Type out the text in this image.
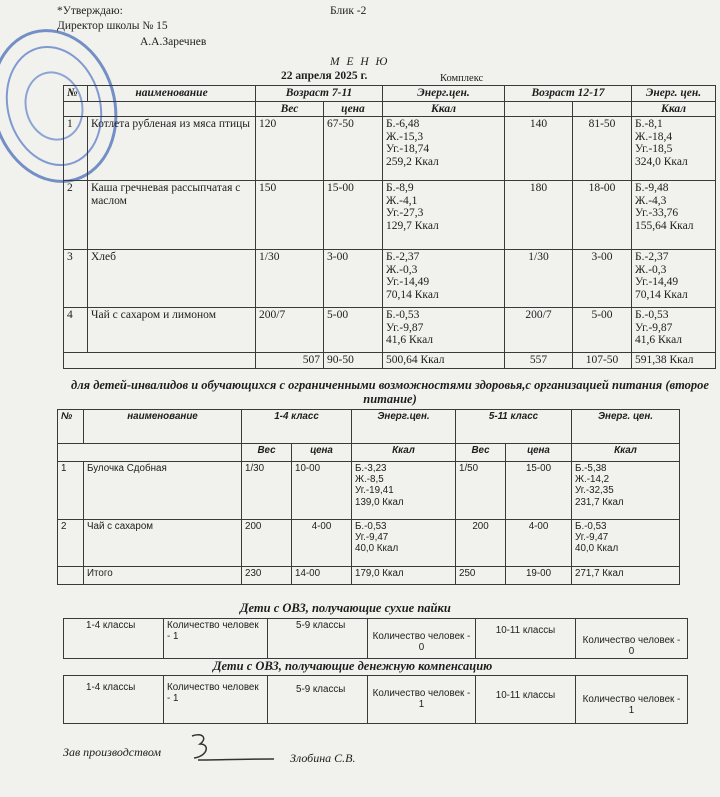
*Утверждаю:	Блик -2
Директор школы № 15
А.А.Заречнев
М Е Н Ю
22 апреля 2025 г.	Комплекс
№	наименование	Возраст 7-11		Энерг.цен.	Возраст 12-17		Энерг. цен.
		Вес	цена	Ккал			Ккал
1	Котлета рубленая из мяса птицы	120	67-50	Б.-6,48
Ж.-15,3
Уг.-18,74
259,2 Ккал	140	81-50	Б.-8,1
Ж.-18,4
Уг.-18,5
324,0 Ккал
2	Каша гречневая рассыпчатая с маслом	150	15-00	Б.-8,9
Ж.-4,1
Уг.-27,3
129,7 Ккал	180	18-00	Б.-9,48
Ж.-4,3
Уг.-33,76
155,64 Ккал
3	Хлеб	1/30	3-00	Б.-2,37
Ж.-0,3
Уг.-14,49
70,14 Ккал	1/30	3-00	Б.-2,37
Ж.-0,3
Уг.-14,49
70,14 Ккал
4	Чай с сахаром и лимоном	200/7	5-00	Б.-0,53
Уг.-9,87
41,6 Ккал	200/7	5-00	Б.-0,53
Уг.-9,87
41,6 Ккал
		507	90-50	500,64 Ккал	557	107-50	591,38 Ккал
для детей-инвалидов и обучающихся с ограниченными возможностями здоровья,с организацией питания (второе питание)
№	наименование	1-4 класс		Энерг.цен.	5-11 класс		Энерг. цен.
		Вес	цена	Ккал	Вес	цена	Ккал
1	Булочка Сдобная	1/30	10-00	Б.-3,23
Ж.-8,5
Уг.-19,41
139,0 Ккал	1/50	15-00	Б.-5,38
Ж.-14,2
Уг.-32,35
231,7 Ккал
2	Чай с сахаром	200	4-00	Б.-0,53
Уг.-9,47
40,0 Ккал	200	4-00	Б.-0,53
Уг.-9,47
40,0 Ккал
	Итого	230	14-00	179,0 Ккал	250	19-00	271,7 Ккал
Дети с ОВЗ, получающие сухие пайки
1-4 классы	Количество человек - 1	5-9 классы	Количество человек - 0	10-11 классы	Количество человек - 0
Дети с ОВЗ, получающие денежную компенсацию
1-4 классы	Количество человек - 1	5-9 классы	Количество человек - 1	10-11 классы	Количество человек - 1
Зав производством	Злобина С.В.
